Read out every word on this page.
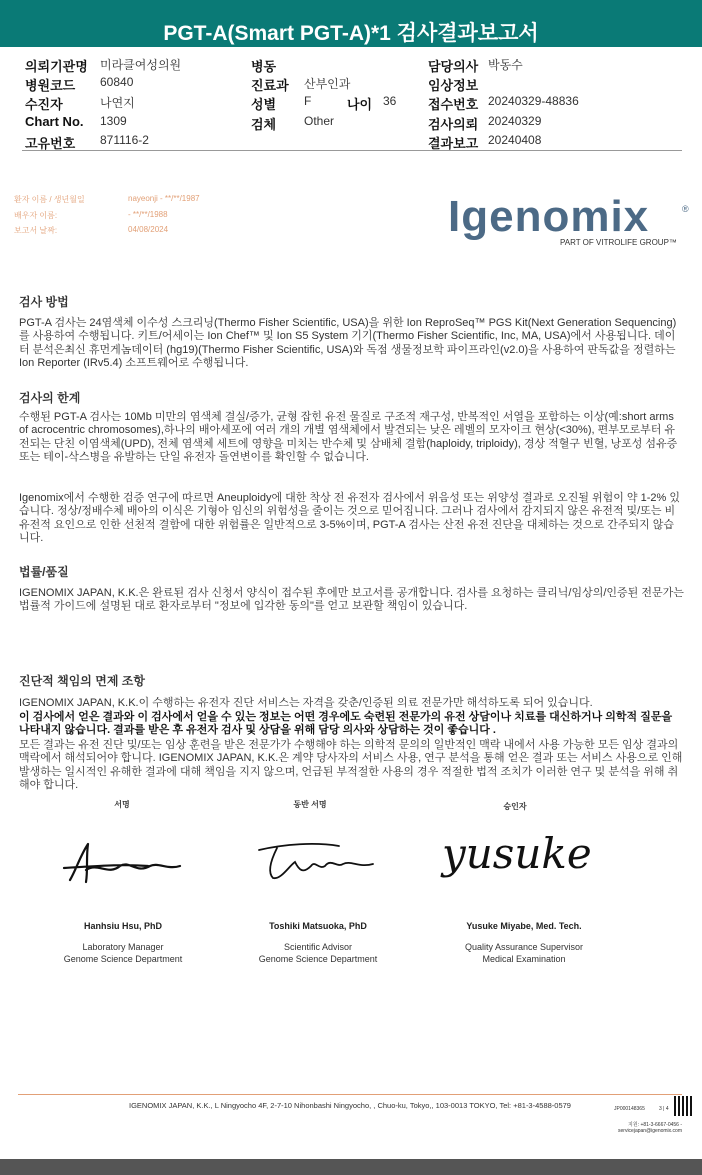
PGT-A(Smart PGT-A)*1 검사결과보고서
의뢰기관명 미라클여성의원	병동	담당의사 박동수
병원코드 60840	진료과 산부인과	임상정보
수진자	나연지	성별 F	나이 36 접수번호 20240329-48836
Chart No. 1309	검체 Other	검사의뢰 20240329
고유번호 871116-2	결과보고 20240408
환자 이름 / 생년월일	nayeonji - **/**/1987
배우자 이름:	- **/**/1988
보고서 날짜:	04/08/2024	Igenomix	®
PART OF VITROLIFE GROUP™
검사 방법

PGT-A 검사는 24염색체 이수성 스크리닝(Thermo Fisher Scientific, USA)을 위한 Ion ReproSeq™ PGS Kit(Next Generation Sequencing)를 사용하여 수행됩니다. 키트/어세이는 Ion Chef™ 및 Ion S5 System 기기(Thermo Fisher Scientific, Inc, MA, USA)에서 사용됩니다. 데이터 분석은최신 휴먼게놈데이터 (hg19)(Thermo Fisher Scientific, USA)와 독점 생물정보학 파이프라인(v2.0)을 사용하여 판독값을 정렬하는 Ion Reporter (IRv5.4) 소프트웨어로 수행됩니다.

검사의 한계

수행된 PGT-A 검사는 10Mb 미만의 염색체 결실/증가, 균형 잡힌 유전 물질로 구조적 재구성, 반복적인 서열을 포함하는 이상(예:short arms of acrocentric chromosomes),하나의 배아세포에 여러 개의 개별 염색체에서 발견되는 낮은 레벨의 모자이크 현상(<30%), 편부모로부터 유전되는 단친 이염색체(UPD), 전체 염색체 세트에 영향을 미치는 반수체 및 삼배체 결함(haploidy, triploidy), 경상 적혈구 빈혈, 낭포성 섬유증 또는 테이-삭스병을 유발하는 단일 유전자 돌연변이를 확인할 수 없습니다.

Igenomix에서 수행한 검증 연구에 따르면 Aneuploidy에 대한 착상 전 유전자 검사에서 위음성 또는 위양성 결과로 오진될 위험이 약 1-2% 있습니다. 정상/정배수체 배아의 이식은 기형아 임신의 위험성을 줄이는 것으로 믿어집니다. 그러나 검사에서 감지되지 않은 유전적 및/또는 비유전적 요인으로 인한 선천적 결함에 대한 위험률은 일반적으로 3-5%이며, PGT-A 검사는 산전 유전 진단을 대체하는 것으로 간주되지 않습니다.

법률/품질

IGENOMIX JAPAN, K.K.은 완료된 검사 신청서 양식이 접수된 후에만 보고서를 공개합니다. 검사를 요청하는 클리닉/임상의/인증된 전문가는 법률적 가이드에 설명된 대로 환자로부터 "정보에 입각한 동의"를 얻고 보관할 책임이 있습니다.

진단적 책임의 면제 조항

IGENOMIX JAPAN, K.K.이 수행하는 유전자 진단 서비스는 자격을 갖춘/인증된 의료 전문가만 해석하도록 되어 있습니다.

이 검사에서 얻은 결과와 이 검사에서 얻을 수 있는 정보는 어떤 경우에도 숙련된 전문가의 유전 상담이나 치료를 대신하거나 의학적 질문을 나타내지 않습니다. 결과를 받은 후 유전자 검사 및 상담을 위해 담당 의사와 상담하는 것이 좋습니다 .

모든 결과는 유전 진단 및/또는 임상 훈련을 받은 전문가가 수행해야 하는 의학적 문의의 일반적인 맥락 내에서 사용 가능한 모든 임상 결과의 맥락에서 해석되어야 합니다. IGENOMIX JAPAN, K.K.은 계약 당사자의 서비스 사용, 연구 분석을 통해 얻은 결과 또는 서비스 사용으로 인해 발생하는 일시적인 유해한 결과에 대해 책임을 지지 않으며, 언급된 부적절한 사용의 경우 적절한 법적 조치가 이러한 연구 및 분석을 위해 취해야 합니다.

서명	동반 서명	승인자
yusuke
Hanhsiu Hsu, PhD
Laboratory Manager
Genome Science Department
Toshiki Matsuoka, PhD
Scientific Advisor
Genome Science Department
Yusuke Miyabe, Med. Tech.
Quality Assurance Supervisor
Medical Examination
IGENOMIX JAPAN, K.K., L Ningyocho 4F, 2-7-10 Nihonbashi Ningyocho, , Chuo-ku, Tokyo,, 103-0013 TOKYO, Tel: +81-3-4588-0579	JP000148365	3 | 4
지원: +81-3-6667-0456 -
servicejapan@igenomix.com
